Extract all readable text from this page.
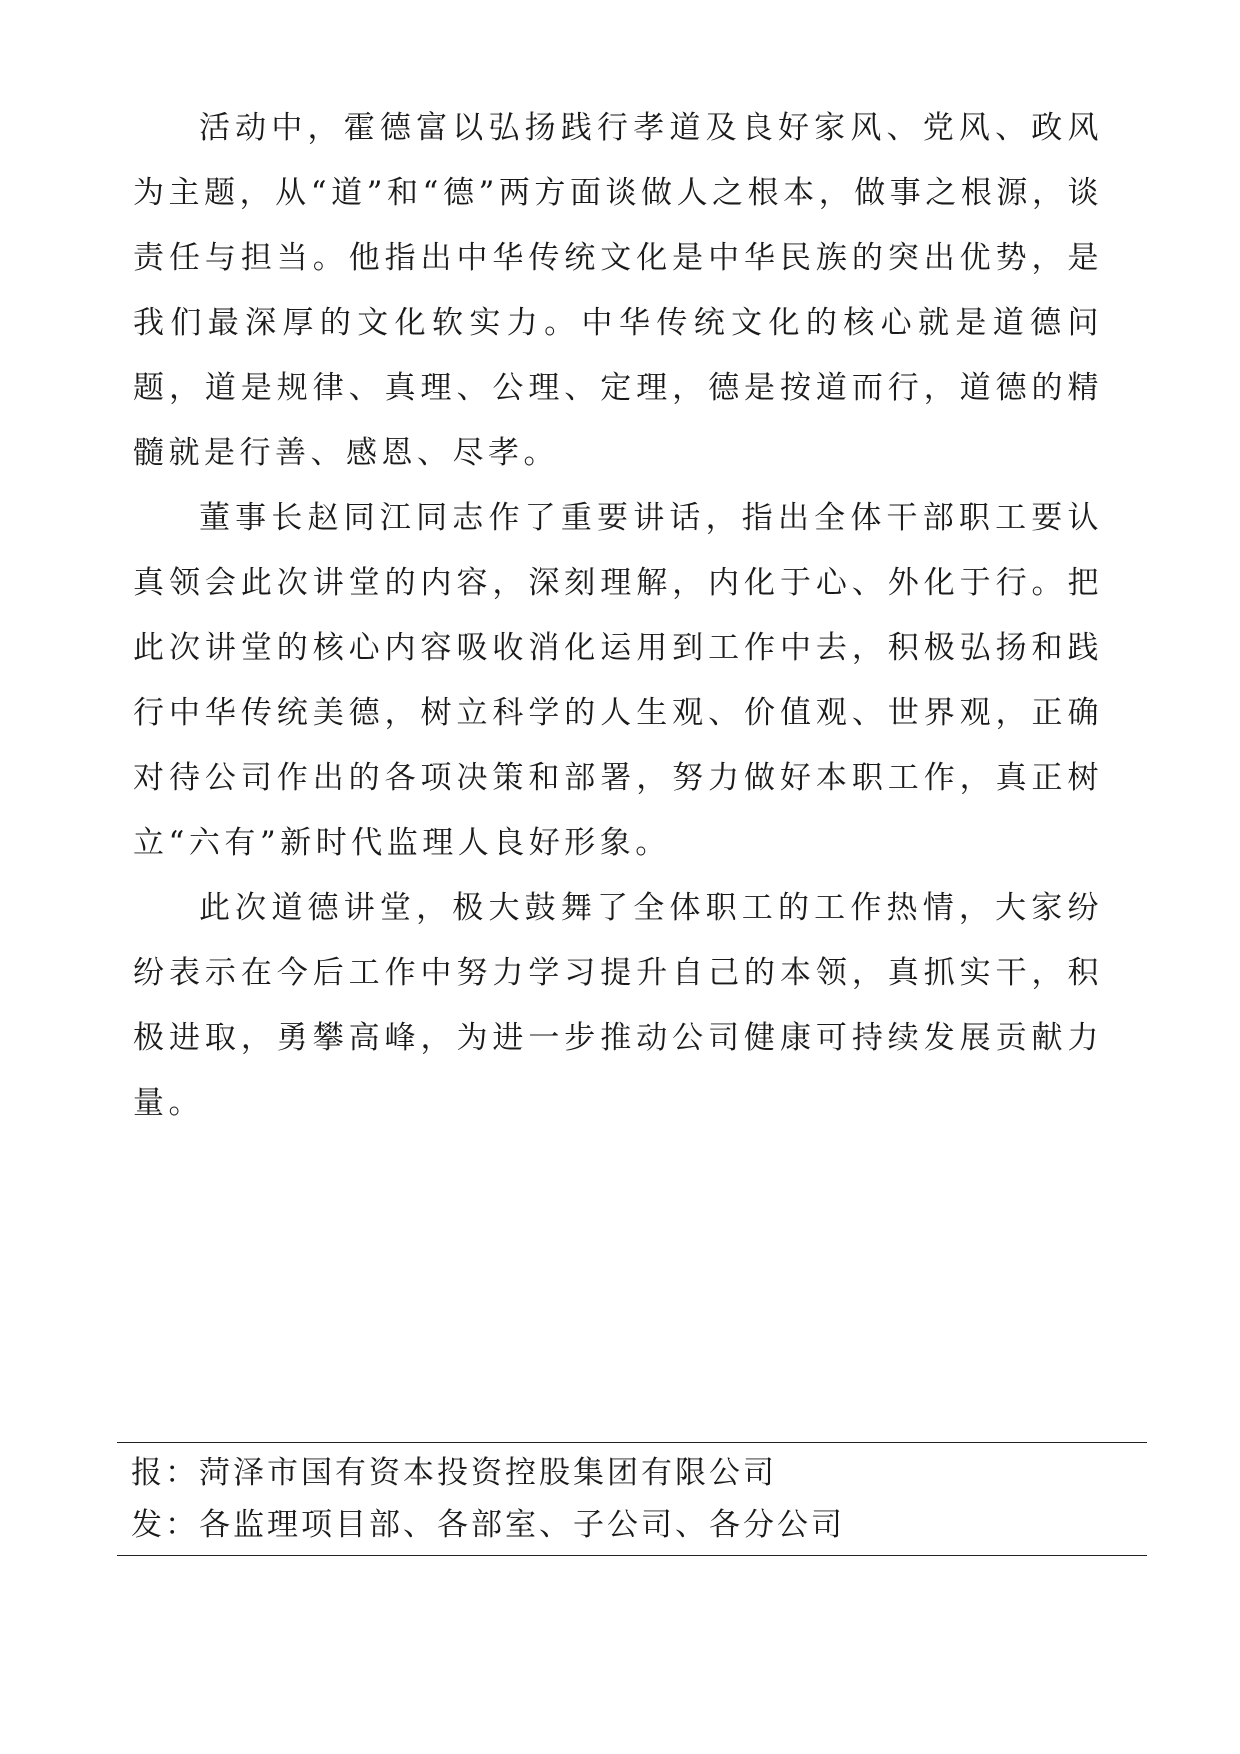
活动中，霍德富以弘扬践行孝道及良好家风、党风、政风为主题，从“道”和“德”两方面谈做人之根本，做事之根源，谈责任与担当。他指出中华传统文化是中华民族的突出优势，是我们最深厚的文化软实力。中华传统文化的核心就是道德问题，道是规律、真理、公理、定理，德是按道而行，道德的精髓就是行善、感恩、尽孝。

董事长赵同江同志作了重要讲话，指出全体干部职工要认真领会此次讲堂的内容，深刻理解，内化于心、外化于行。把此次讲堂的核心内容吸收消化运用到工作中去，积极弘扬和践行中华传统美德，树立科学的人生观、价值观、世界观，正确对待公司作出的各项决策和部署，努力做好本职工作，真正树立“六有”新时代监理人良好形象。

此次道德讲堂，极大鼓舞了全体职工的工作热情，大家纷纷表示在今后工作中努力学习提升自己的本领，真抓实干，积极进取，勇攀高峰，为进一步推动公司健康可持续发展贡献力量。

报：菏泽市国有资本投资控股集团有限公司
发：各监理项目部、各部室、子公司、各分公司
